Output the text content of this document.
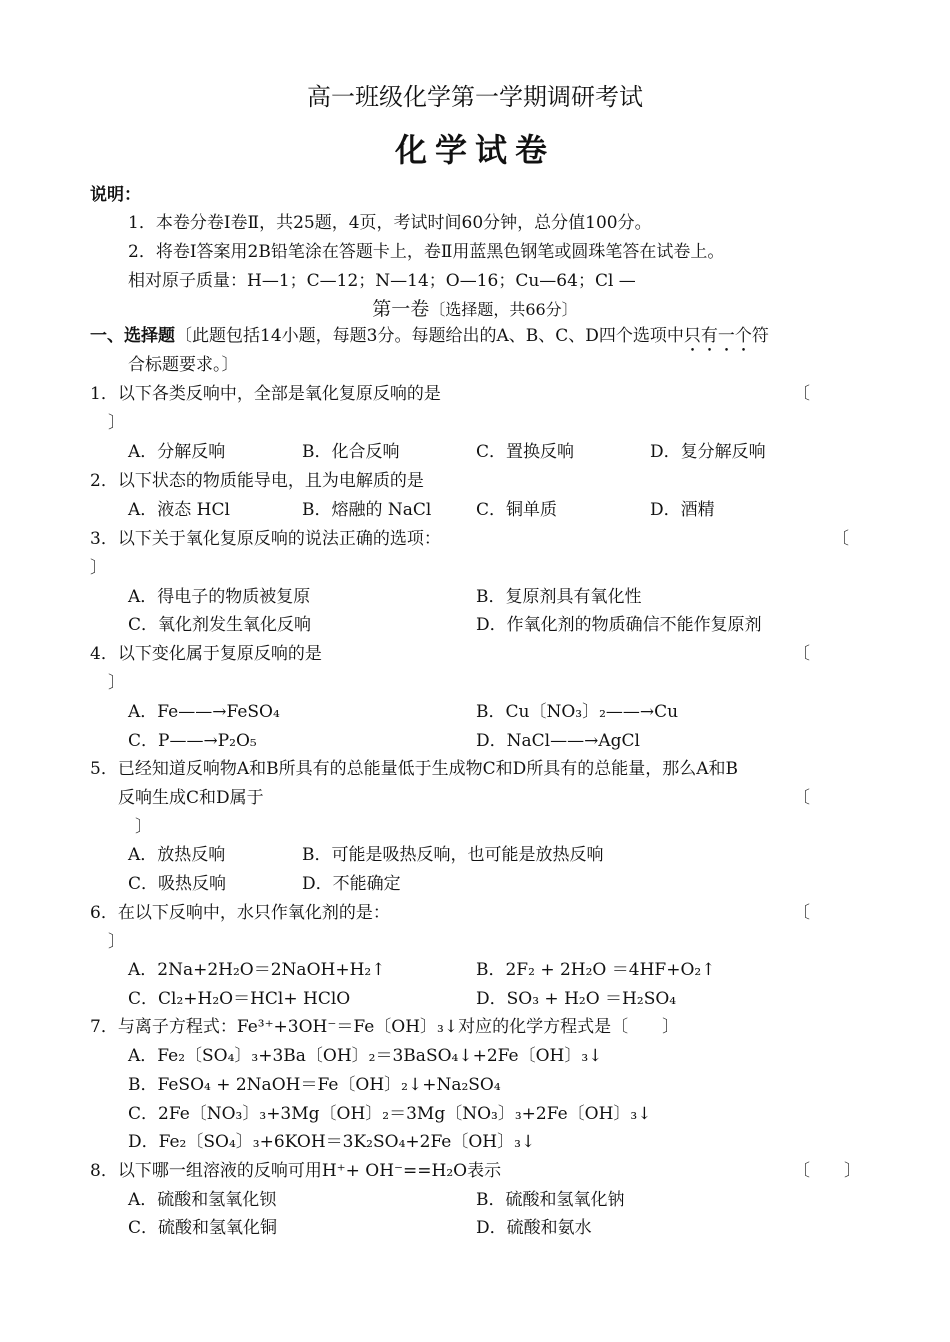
高一班级化学第一学期调研考试
化学试卷
说明：
1．本卷分卷Ⅰ卷Ⅱ，共25题，4页，考试时间60分钟，总分值100分。
2．将卷Ⅰ答案用2B铅笔涂在答题卡上，卷Ⅱ用蓝黑色钢笔或圆珠笔答在试卷上。
相对原子质量：H—1；C—12；N—14；O—16；Cu—64；Cl —
第一卷〔选择题，共66分〕
一、选择题〔此题包括14小题，每题3分。每题给出的A、B、C、D四个选项中只有一个符
合标题要求。〕
1．以下各类反响中，全部是氧化复原反响的是	〔
〕
A．分解反响	B．化合反响	C．置换反响	D．复分解反响
2．以下状态的物质能导电，且为电解质的是
A．液态 HCl	B．熔融的 NaCl	C．铜单质	D．酒精
3．以下关于氧化复原反响的说法正确的选项：	〔
〕
A．得电子的物质被复原	B．复原剂具有氧化性
C．氧化剂发生氧化反响	D．作氧化剂的物质确信不能作复原剂
4．以下变化属于复原反响的是	〔
〕
A．Fe——→FeSO₄	B．Cu〔NO₃〕₂——→Cu
C．P——→P₂O₅	D．NaCl——→AgCl
5．已经知道反响物A和B所具有的总能量低于生成物C和D所具有的总能量，那么A和B
反响生成C和D属于	〔
〕
A．放热反响	B．可能是吸热反响，也可能是放热反响
C．吸热反响	D．不能确定
6．在以下反响中，水只作氧化剂的是：	〔
〕
A．2Na+2H₂O＝2NaOH+H₂↑	B．2F₂ + 2H₂O ＝4HF+O₂↑
C．Cl₂+H₂O＝HCl+ HClO	D．SO₃ + H₂O ＝H₂SO₄
7．与离子方程式：Fe³⁺+3OH⁻＝Fe〔OH〕₃↓对应的化学方程式是〔　　〕
A．Fe₂〔SO₄〕₃+3Ba〔OH〕₂＝3BaSO₄↓+2Fe〔OH〕₃↓
B．FeSO₄ + 2NaOH＝Fe〔OH〕₂↓+Na₂SO₄
C．2Fe〔NO₃〕₃+3Mg〔OH〕₂＝3Mg〔NO₃〕₃+2Fe〔OH〕₃↓
D．Fe₂〔SO₄〕₃+6KOH＝3K₂SO₄+2Fe〔OH〕₃↓
8．以下哪一组溶液的反响可用H⁺+ OH⁻==H₂O表示	〔　　〕
A．硫酸和氢氧化钡	B．硫酸和氢氧化钠
C．硫酸和氢氧化铜	D．硫酸和氨水
